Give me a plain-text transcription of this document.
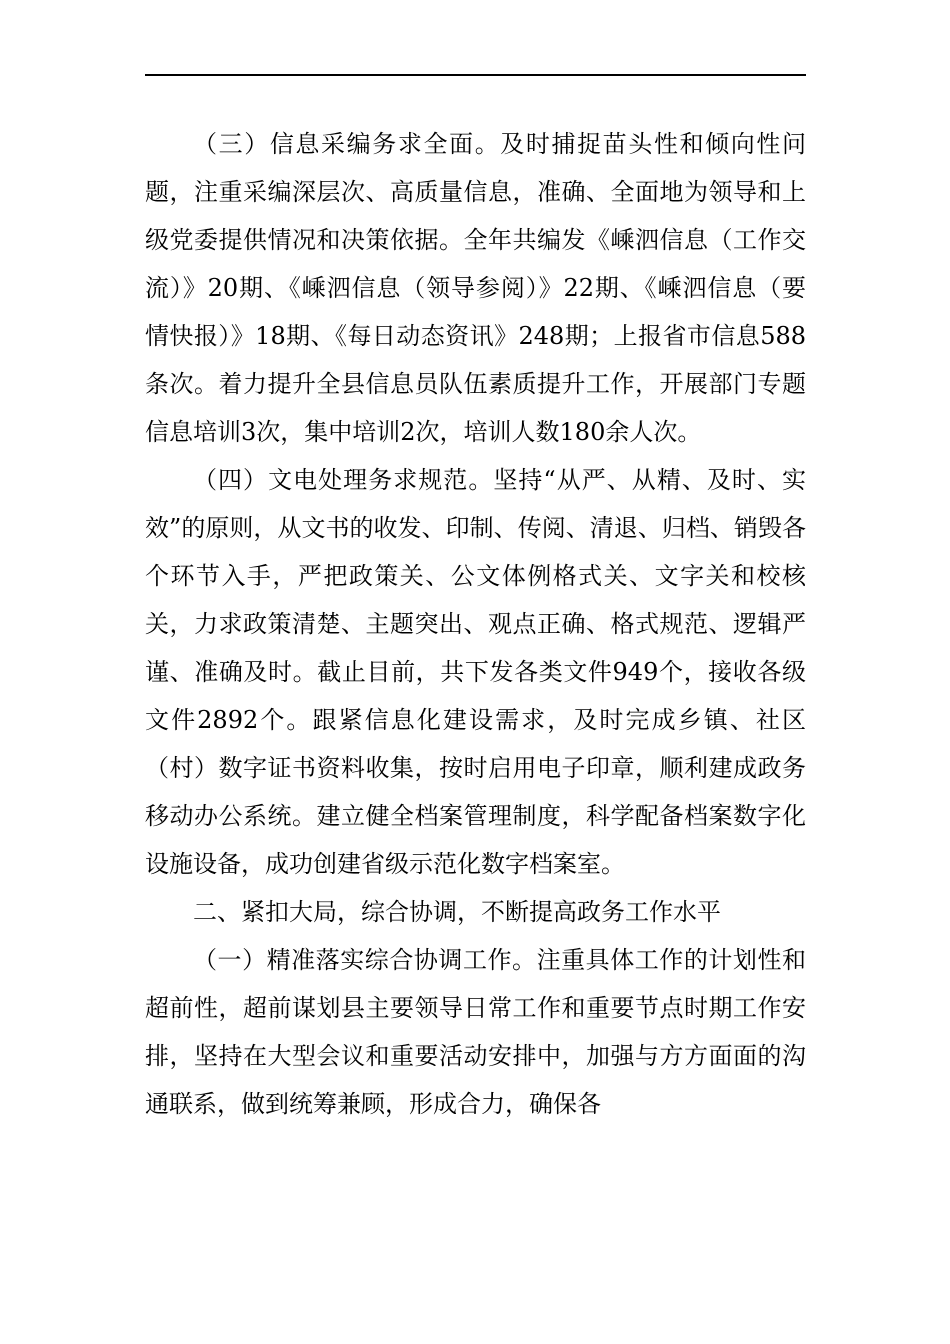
（三）信息采编务求全面。及时捕捉苗头性和倾向性问题，注重采编深层次、高质量信息，准确、全面地为领导和上级党委提供情况和决策依据。全年共编发《嵊泗信息（工作交流）》20期、《嵊泗信息（领导参阅）》22期、《嵊泗信息（要情快报）》18期、《每日动态资讯》248期；上报省市信息588条次。着力提升全县信息员队伍素质提升工作，开展部门专题信息培训3次，集中培训2次，培训人数180余人次。

（四）文电处理务求规范。坚持“从严、从精、及时、实效”的原则，从文书的收发、印制、传阅、清退、归档、销毁各个环节入手，严把政策关、公文体例格式关、文字关和校核关，力求政策清楚、主题突出、观点正确、格式规范、逻辑严谨、准确及时。截止目前，共下发各类文件949个，接收各级文件2892个。跟紧信息化建设需求，及时完成乡镇、社区（村）数字证书资料收集，按时启用电子印章，顺利建成政务移动办公系统。建立健全档案管理制度，科学配备档案数字化设施设备，成功创建省级示范化数字档案室。

二、紧扣大局，综合协调，不断提高政务工作水平

（一）精准落实综合协调工作。注重具体工作的计划性和超前性，超前谋划县主要领导日常工作和重要节点时期工作安排，坚持在大型会议和重要活动安排中，加强与方方面面的沟通联系，做到统筹兼顾，形成合力，确保各
